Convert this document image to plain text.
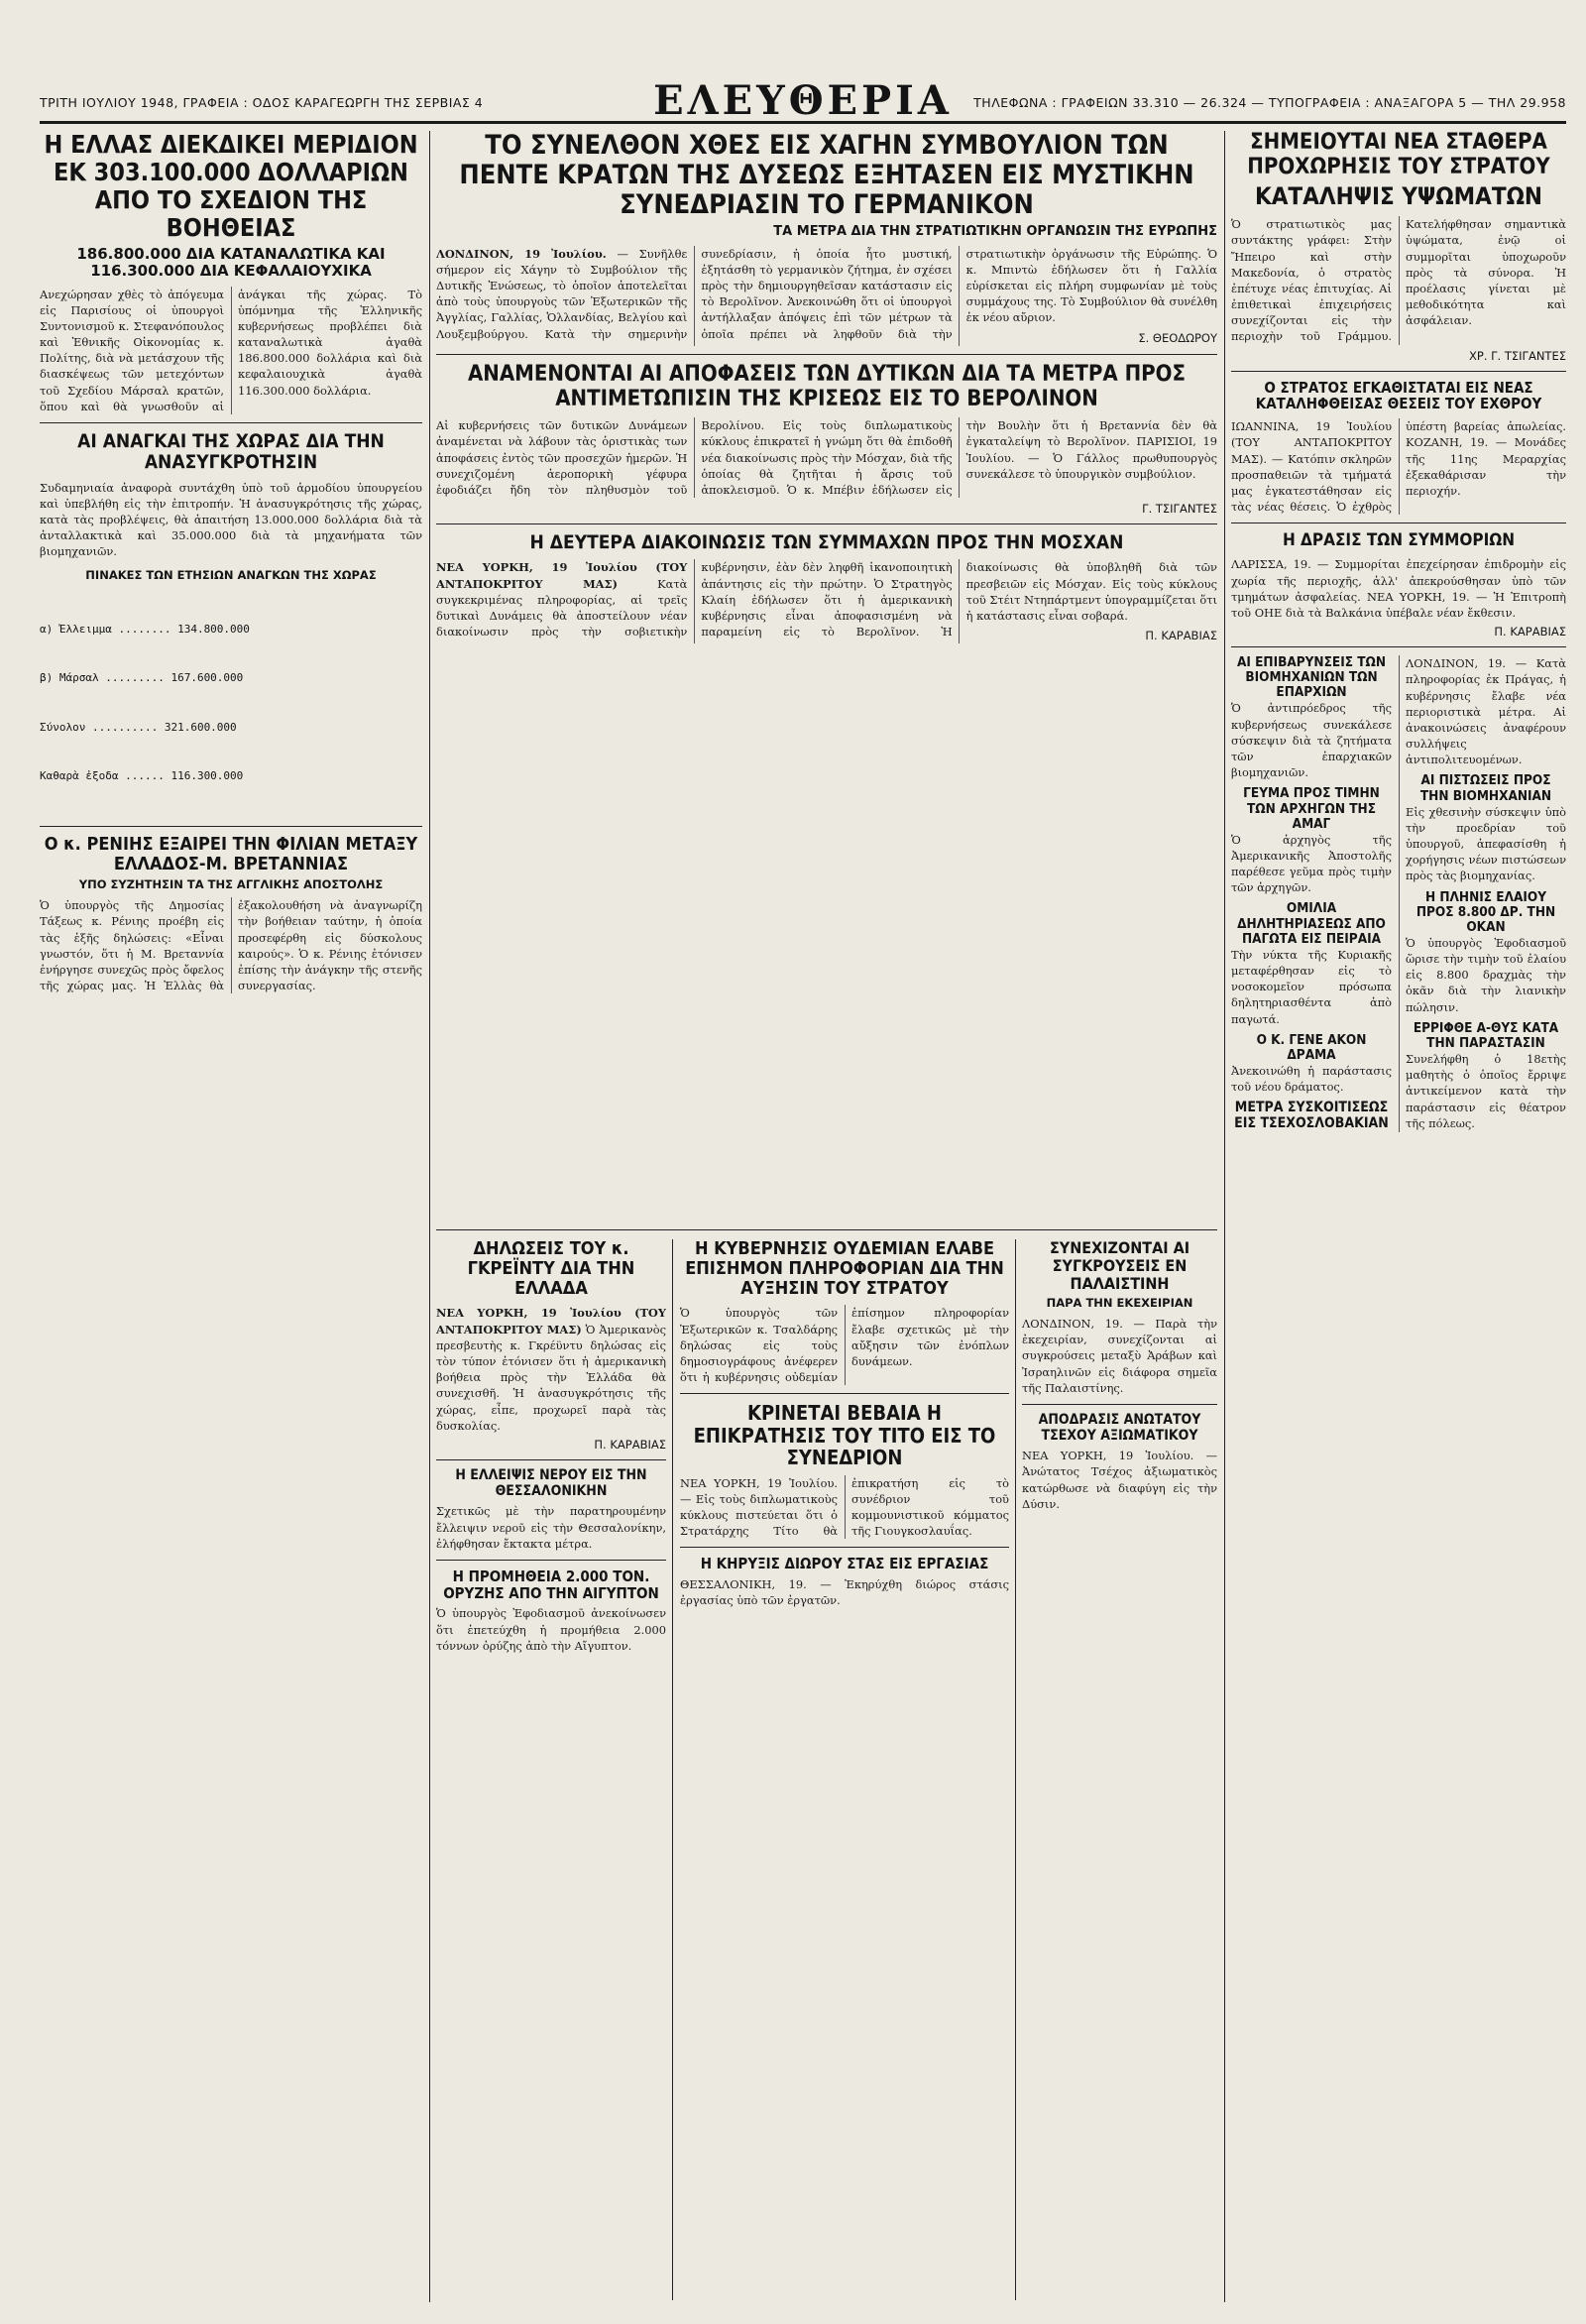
ΤΡΙΤΗ ΙΟΥΛΙΟΥ 1948, ΓΡΑΦΕΙΑ : ΟΔΟΣ ΚΑΡΑΓΕΩΡΓΗ ΤΗΣ ΣΕΡΒΙΑΣ 4	ΕΛΕΥΘΕΡΙΑ	ΤΗΛΕΦΩΝΑ : ΓΡΑΦΕΙΩΝ 33.310 — 26.324 — ΤΥΠΟΓΡΑΦΕΙΑ : ΑΝΑΞΑΓΟΡΑ 5 — ΤΗΛ 29.958
Η ΕΛΛΑΣ ΔΙΕΚΔΙΚΕΙ ΜΕΡΙΔΙΟΝ ΕΚ 303.100.000 ΔΟΛΛΑΡΙΩΝ ΑΠΟ ΤΟ ΣΧΕΔΙΟΝ ΤΗΣ ΒΟΗΘΕΙΑΣ
186.800.000 ΔΙΑ ΚΑΤΑΝΑΛΩΤΙΚΑ ΚΑΙ 116.300.000 ΔΙΑ ΚΕΦΑΛΑΙΟΥΧΙΚΑ

Ανεχώρησαν χθὲς τὸ ἀπόγευμα εἰς Παρισίους οἱ ὑπουργοὶ Συντονισμοῦ κ. Στεφανόπουλος καὶ Ἐθνικῆς Οἰκονομίας κ. Πολίτης, διὰ νὰ μετάσχουν τῆς διασκέψεως τῶν μετεχόντων τοῦ Σχεδίου Μάρσαλ κρατῶν, ὅπου καὶ θὰ γνωσθοῦν αἱ ἀνάγκαι τῆς χώρας. Τὸ ὑπόμνημα τῆς Ἑλληνικῆς κυβερνήσεως προβλέπει διὰ καταναλωτικὰ ἀγαθὰ 186.800.000 δολλάρια καὶ διὰ κεφαλαιουχικὰ ἀγαθὰ 116.300.000 δολλάρια.

ΑΙ ΑΝΑΓΚΑΙ ΤΗΣ ΧΩΡΑΣ ΔΙΑ ΤΗΝ ΑΝΑΣΥΓΚΡΟΤΗΣΙΝ

Συδαμηνιαία ἀναφορὰ συντάχθη ὑπὸ τοῦ ἁρμοδίου ὑπουργείου καὶ ὑπεβλήθη εἰς τὴν ἐπιτροπήν. Ἡ ἀνασυγκρότησις τῆς χώρας, κατὰ τὰς προβλέψεις, θὰ ἀπαιτήση 13.000.000 δολλάρια διὰ τὰ ἀνταλλακτικὰ καὶ 35.000.000 διὰ τὰ μηχανήματα τῶν βιομηχανιῶν.

ΠΙΝΑΚΕΣ ΤΩΝ ΕΤΗΣΙΩΝ ΑΝΑΓΚΩΝ ΤΗΣ ΧΩΡΑΣ

α) Ἐλλειμμα ........ 134.800.000

β) Μάρσαλ ......... 167.600.000

Σύνολον .......... 321.600.000

Καθαρὰ ἐξοδα ...... 116.300.000

Ο κ. ΡΕΝΙΗΣ ΕΞΑΙΡΕΙ ΤΗΝ ΦΙΛΙΑΝ ΜΕΤΑΞΥ ΕΛΛΑΔΟΣ-Μ. ΒΡΕΤΑΝΝΙΑΣ
ΥΠΟ ΣΥΖΗΤΗΣΙΝ ΤΑ ΤΗΣ ΑΓΓΛΙΚΗΣ ΑΠΟΣΤΟΛΗΣ

Ὁ ὑπουργὸς τῆς Δημοσίας Τάξεως κ. Ρένιης προέβη εἰς τὰς ἑξῆς δηλώσεις: «Εἶναι γνωστόν, ὅτι ἡ Μ. Βρεταννία ἐνήργησε συνεχῶς πρὸς ὄφελος τῆς χώρας μας. Ἡ Ἑλλὰς θὰ ἐξακολουθήση νὰ ἀναγνωρίζη τὴν βοήθειαν ταύτην, ἡ ὁποία προσεφέρθη εἰς δύσκολους καιρούς». Ὁ κ. Ρένιης ἐτόνισεν ἐπίσης τὴν ἀνάγκην τῆς στενῆς συνεργασίας.

ΤΟ ΣΥΝΕΛΘΟΝ ΧΘΕΣ ΕΙΣ ΧΑΓΗΝ ΣΥΜΒΟΥΛΙΟΝ ΤΩΝ ΠΕΝΤΕ ΚΡΑΤΩΝ ΤΗΣ ΔΥΣΕΩΣ ΕΞΗΤΑΣΕΝ ΕΙΣ ΜΥΣΤΙΚΗΝ ΣΥΝΕΔΡΙΑΣΙΝ ΤΟ ΓΕΡΜΑΝΙΚΟΝ
ΤΑ ΜΕΤΡΑ ΔΙΑ ΤΗΝ ΣΤΡΑΤΙΩΤΙΚΗΝ ΟΡΓΑΝΩΣΙΝ ΤΗΣ ΕΥΡΩΠΗΣ
ΛΟΝΔΙΝΟΝ, 19 Ἰουλίου. — Συνῆλθε σήμερον εἰς Χάγην τὸ Συμβούλιον τῆς Δυτικῆς Ἑνώσεως, τὸ ὁποῖον ἀποτελεῖται ἀπὸ τοὺς ὑπουργοὺς τῶν Ἐξωτερικῶν τῆς Ἀγγλίας, Γαλλίας, Ὁλλανδίας, Βελγίου καὶ Λουξεμβούργου. Κατὰ τὴν σημερινὴν συνεδρίασιν, ἡ ὁποία ἦτο μυστική, ἐξητάσθη τὸ γερμανικὸν ζήτημα, ἐν σχέσει πρὸς τὴν δημιουργηθεῖσαν κατάστασιν εἰς τὸ Βερολῖνον. Ἀνεκοινώθη ὅτι οἱ ὑπουργοὶ ἀντήλλαξαν ἀπόψεις ἐπὶ τῶν μέτρων τὰ ὁποῖα πρέπει νὰ ληφθοῦν διὰ τὴν στρατιωτικὴν ὀργάνωσιν τῆς Εὐρώπης. Ὁ κ. Μπιντὼ ἐδήλωσεν ὅτι ἡ Γαλλία εὑρίσκεται εἰς πλήρη συμφωνίαν μὲ τοὺς συμμάχους της. Τὸ Συμβούλιον θὰ συνέλθη ἐκ νέου αὔριον.
Σ. ΘΕΟΔΩΡΟΥ
ΑΝΑΜΕΝΟΝΤΑΙ ΑΙ ΑΠΟΦΑΣΕΙΣ ΤΩΝ ΔΥΤΙΚΩΝ ΔΙΑ ΤΑ ΜΕΤΡΑ ΠΡΟΣ ΑΝΤΙΜΕΤΩΠΙΣΙΝ ΤΗΣ ΚΡΙΣΕΩΣ ΕΙΣ ΤΟ ΒΕΡΟΛΙΝΟΝ

Αἱ κυβερνήσεις τῶν δυτικῶν Δυνάμεων ἀναμένεται νὰ λάβουν τὰς ὁριστικὰς των ἀποφάσεις ἐντὸς τῶν προσεχῶν ἡμερῶν. Ἡ συνεχιζομένη ἀεροπορικὴ γέφυρα ἐφοδιάζει ἤδη τὸν πληθυσμὸν τοῦ Βερολίνου. Εἰς τοὺς διπλωματικοὺς κύκλους ἐπικρατεῖ ἡ γνώμη ὅτι θὰ ἐπιδοθῆ νέα διακοίνωσις πρὸς τὴν Μόσχαν, διὰ τῆς ὁποίας θὰ ζητῆται ἡ ἄρσις τοῦ ἀποκλεισμοῦ. Ὁ κ. Μπέβιν ἐδήλωσεν εἰς τὴν Βουλὴν ὅτι ἡ Βρεταννία δὲν θὰ ἐγκαταλείψη τὸ Βερολῖνον. ΠΑΡΙΣΙΟΙ, 19 Ἰουλίου. — Ὁ Γάλλος πρωθυπουργὸς συνεκάλεσε τὸ ὑπουργικὸν συμβούλιον.

Γ. ΤΣΙΓΑΝΤΕΣ
Η ΔΕΥΤΕΡΑ ΔΙΑΚΟΙΝΩΣΙΣ ΤΩΝ ΣΥΜΜΑΧΩΝ ΠΡΟΣ ΤΗΝ ΜΟΣΧΑΝ
ΝΕΑ ΥΟΡΚΗ, 19 Ἰουλίου (ΤΟΥ ΑΝΤΑΠΟΚΡΙΤΟΥ ΜΑΣ)	Κατὰ συγκεκριμένας πληροφορίας, αἱ τρεῖς δυτικαὶ Δυνάμεις θὰ ἀποστείλουν νέαν διακοίνωσιν πρὸς τὴν σοβιετικὴν κυβέρνησιν, ἐὰν δὲν ληφθῆ ἱκανοποιητικὴ ἀπάντησις εἰς τὴν πρώτην. Ὁ Στρατηγὸς Κλαίη ἐδήλωσεν ὅτι ἡ ἀμερικανικὴ κυβέρνησις εἶναι ἀποφασισμένη νὰ παραμείνη εἰς τὸ Βερολῖνον. Ἡ διακοίνωσις θὰ ὑποβληθῆ διὰ τῶν πρεσβειῶν εἰς Μόσχαν. Εἰς τοὺς κύκλους τοῦ Στέιτ Ντηπάρτμεντ ὑπογραμμίζεται ὅτι ἡ κατάστασις εἶναι σοβαρά.
Π. ΚΑΡΑΒΙΑΣ
ΣΗΜΕΙΟΥΤΑΙ ΝΕΑ ΣΤΑΘΕΡΑ ΠΡΟΧΩΡΗΣΙΣ ΤΟΥ ΣΤΡΑΤΟΥ
ΚΑΤΑΛΗΨΙΣ ΥΨΩΜΑΤΩΝ

Ὁ στρατιωτικὸς μας συντάκτης γράφει: Στὴν Ἤπειρο καὶ στὴν Μακεδονία, ὁ στρατὸς ἐπέτυχε νέας ἐπιτυχίας. Αἱ ἐπιθετικαὶ ἐπιχειρήσεις συνεχίζονται εἰς τὴν περιοχὴν τοῦ Γράμμου. Κατελήφθησαν σημαντικὰ ὑψώματα, ἐνῷ οἱ συμμορῖται ὑποχωροῦν πρὸς τὰ σύνορα. Ἡ προέλασις γίνεται μὲ μεθοδικότητα καὶ ἀσφάλειαν.

ΧΡ. Γ. ΤΣΙΓΑΝΤΕΣ
Ο ΣΤΡΑΤΟΣ ΕΓΚΑΘΙΣΤΑΤΑΙ ΕΙΣ ΝΕΑΣ ΚΑΤΑΛΗΦΘΕΙΣΑΣ ΘΕΣΕΙΣ ΤΟΥ ΕΧΘΡΟΥ

ΙΩΑΝΝΙΝΑ, 19 Ἰουλίου (ΤΟΥ ΑΝΤΑΠΟΚΡΙΤΟΥ ΜΑΣ). — Κατόπιν σκληρῶν προσπαθειῶν τὰ τμήματά μας ἐγκατεστάθησαν εἰς τὰς νέας θέσεις. Ὁ ἐχθρὸς ὑπέστη βαρείας ἀπωλείας. ΚΟΖΑΝΗ, 19. — Μονάδες τῆς 11ης Μεραρχίας ἐξεκαθάρισαν τὴν περιοχήν.

Η ΔΡΑΣΙΣ ΤΩΝ ΣΥΜΜΟΡΙΩΝ

ΛΑΡΙΣΣΑ, 19. — Συμμορίται ἐπεχείρησαν ἐπιδρομὴν εἰς χωρία τῆς περιοχῆς, ἀλλ' ἀπεκρούσθησαν ὑπὸ τῶν τμημάτων ἀσφαλείας. ΝΕΑ ΥΟΡΚΗ, 19. — Ἡ Ἐπιτροπὴ τοῦ ΟΗΕ διὰ τὰ Βαλκάνια ὑπέβαλε νέαν ἔκθεσιν.

Π. ΚΑΡΑΒΙΑΣ
ΑΙ ΕΠΙΒΑΡΥΝΣΕΙΣ ΤΩΝ ΒΙΟΜΗΧΑΝΙΩΝ ΤΩΝ ΕΠΑΡΧΙΩΝ

Ὁ ἀντιπρόεδρος τῆς κυβερνήσεως συνεκάλεσε σύσκεψιν διὰ τὰ ζητήματα τῶν ἐπαρχιακῶν βιομηχανιῶν.

ΓΕΥΜΑ ΠΡΟΣ ΤΙΜΗΝ ΤΩΝ ΑΡΧΗΓΩΝ ΤΗΣ ΑΜΑΓ

Ὁ ἀρχηγὸς τῆς Ἀμερικανικῆς Ἀποστολῆς παρέθεσε γεῦμα πρὸς τιμὴν τῶν ἀρχηγῶν.

ΟΜΙΛΙΑ ΔΗΛΗΤΗΡΙΑΣΕΩΣ ΑΠΟ ΠΑΓΩΤΑ ΕΙΣ ΠΕΙΡΑΙΑ

Τὴν νύκτα τῆς Κυριακῆς μεταφέρθησαν εἰς τὸ νοσοκομεῖον πρόσωπα δηλητηριασθέντα ἀπὸ παγωτά.

Ο Κ. ΓΕΝΕ ΑΚΟΝ ΔΡΑΜΑ

Ἀνεκοινώθη ἡ παράστασις τοῦ νέου δράματος.

ΜΕΤΡΑ ΣΥΣΚΟΙΤΙΣΕΩΣ ΕΙΣ ΤΣΕΧΟΣΛΟΒΑΚΙΑΝ

ΛΟΝΔΙΝΟΝ, 19. — Κατὰ πληροφορίας ἐκ Πράγας, ἡ κυβέρνησις ἔλαβε νέα περιοριστικὰ μέτρα. Αἱ ἀνακοινώσεις ἀναφέρουν συλλήψεις ἀντιπολιτευομένων.

ΑΙ ΠΙΣΤΩΣΕΙΣ ΠΡΟΣ ΤΗΝ ΒΙΟΜΗΧΑΝΙΑΝ

Εἰς χθεσινὴν σύσκεψιν ὑπὸ τὴν προεδρίαν τοῦ ὑπουργοῦ, ἀπεφασίσθη ἡ χορήγησις νέων πιστώσεων πρὸς τὰς βιομηχανίας.

Η ΠΛΗΝΙΣ ΕΛΑΙΟΥ ΠΡΟΣ 8.800 ΔΡ. ΤΗΝ ΟΚΑΝ

Ὁ ὑπουργὸς Ἐφοδιασμοῦ ὥρισε τὴν τιμὴν τοῦ ἐλαίου εἰς 8.800 δραχμὰς τὴν ὀκᾶν διὰ τὴν λιανικὴν πώλησιν.

ΕΡΡΙΦΘΕ Α-ΘΥΣ ΚΑΤΑ ΤΗΝ ΠΑΡΑΣΤΑΣΙΝ

Συνελήφθη ὁ 18ετὴς μαθητὴς ὁ ὁποῖος ἔρριψε ἀντικείμενον κατὰ τὴν παράστασιν εἰς θέατρον τῆς πόλεως.

ΔΗΛΩΣΕΙΣ ΤΟΥ κ. ΓΚΡΕΪΝΤΥ ΔΙΑ ΤΗΝ ΕΛΛΑΔΑ
ΝΕΑ ΥΟΡΚΗ, 19 Ἰουλίου (ΤΟΥ ΑΝΤΑΠΟΚΡΙΤΟΥ ΜΑΣ) Ὁ Ἀμερικανὸς πρεσβευτὴς κ. Γκρέϋντυ δηλώσας εἰς τὸν τύπον ἐτόνισεν ὅτι ἡ ἀμερικανικὴ βοήθεια πρὸς τὴν Ἑλλάδα θὰ συνεχισθῆ. Ἡ ἀνασυγκρότησις τῆς χώρας, εἶπε, προχωρεῖ παρὰ τὰς δυσκολίας.
Π. ΚΑΡΑΒΙΑΣ
Η ΕΛΛΕΙΨΙΣ ΝΕΡΟΥ ΕΙΣ ΤΗΝ ΘΕΣΣΑΛΟΝΙΚΗΝ

Σχετικῶς μὲ τὴν παρατηρουμένην ἔλλειψιν νεροῦ εἰς τὴν Θεσσαλονίκην, ἐλήφθησαν ἔκτακτα μέτρα.

Η ΠΡΟΜΗΘΕΙΑ 2.000 ΤΟΝ. ΟΡΥΖΗΣ ΑΠΟ ΤΗΝ ΑΙΓΥΠΤΟΝ

Ὁ ὑπουργὸς Ἐφοδιασμοῦ ἀνεκοίνωσεν ὅτι ἐπετεύχθη ἡ προμήθεια 2.000 τόννων ὀρύζης ἀπὸ τὴν Αἴγυπτον.

Η ΚΥΒΕΡΝΗΣΙΣ ΟΥΔΕΜΙΑΝ ΕΛΑΒΕ ΕΠΙΣΗΜΟΝ ΠΛΗΡΟΦΟΡΙΑΝ ΔΙΑ ΤΗΝ ΑΥΞΗΣΙΝ ΤΟΥ ΣΤΡΑΤΟΥ

Ὁ ὑπουργὸς τῶν Ἐξωτερικῶν κ. Τσαλδάρης δηλώσας εἰς τοὺς δημοσιογράφους ἀνέφερεν ὅτι ἡ κυβέρνησις οὐδεμίαν ἐπίσημον πληροφορίαν ἔλαβε σχετικῶς μὲ τὴν αὔξησιν τῶν ἐνόπλων δυνάμεων.

ΚΡΙΝΕΤΑΙ ΒΕΒΑΙΑ Η ΕΠΙΚΡΑΤΗΣΙΣ ΤΟΥ ΤΙΤΟ ΕΙΣ ΤΟ ΣΥΝΕΔΡΙΟΝ

ΝΕΑ ΥΟΡΚΗ, 19 Ἰουλίου. — Εἰς τοὺς διπλωματικοὺς κύκλους πιστεύεται ὅτι ὁ Στρατάρχης Τίτο θὰ ἐπικρατήση εἰς τὸ συνέδριον τοῦ κομμουνιστικοῦ κόμματος τῆς Γιουγκοσλαυΐας.

Η ΚΗΡΥΞΙΣ ΔΙΩΡΟΥ ΣΤΑΣ ΕΙΣ ΕΡΓΑΣΙΑΣ

ΘΕΣΣΑΛΟΝΙΚΗ, 19. — Ἐκηρύχθη διώρος στάσις ἐργασίας ὑπὸ τῶν ἐργατῶν.

ΣΥΝΕΧΙΖΟΝΤΑΙ ΑΙ ΣΥΓΚΡΟΥΣΕΙΣ ΕΝ ΠΑΛΑΙΣΤΙΝΗ
ΠΑΡΑ ΤΗΝ ΕΚΕΧΕΙΡΙΑΝ

ΛΟΝΔΙΝΟΝ, 19. — Παρὰ τὴν ἐκεχειρίαν, συνεχίζονται αἱ συγκρούσεις μεταξὺ Ἀράβων καὶ Ἰσραηλινῶν εἰς διάφορα σημεῖα τῆς Παλαιστίνης.

ΑΠΟΔΡΑΣΙΣ ΑΝΩΤΑΤΟΥ ΤΣΕΧΟΥ ΑΞΙΩΜΑΤΙΚΟΥ

ΝΕΑ ΥΟΡΚΗ, 19 Ἰουλίου. — Ἀνώτατος Τσέχος ἀξιωματικὸς κατώρθωσε νὰ διαφύγη εἰς τὴν Δύσιν.
